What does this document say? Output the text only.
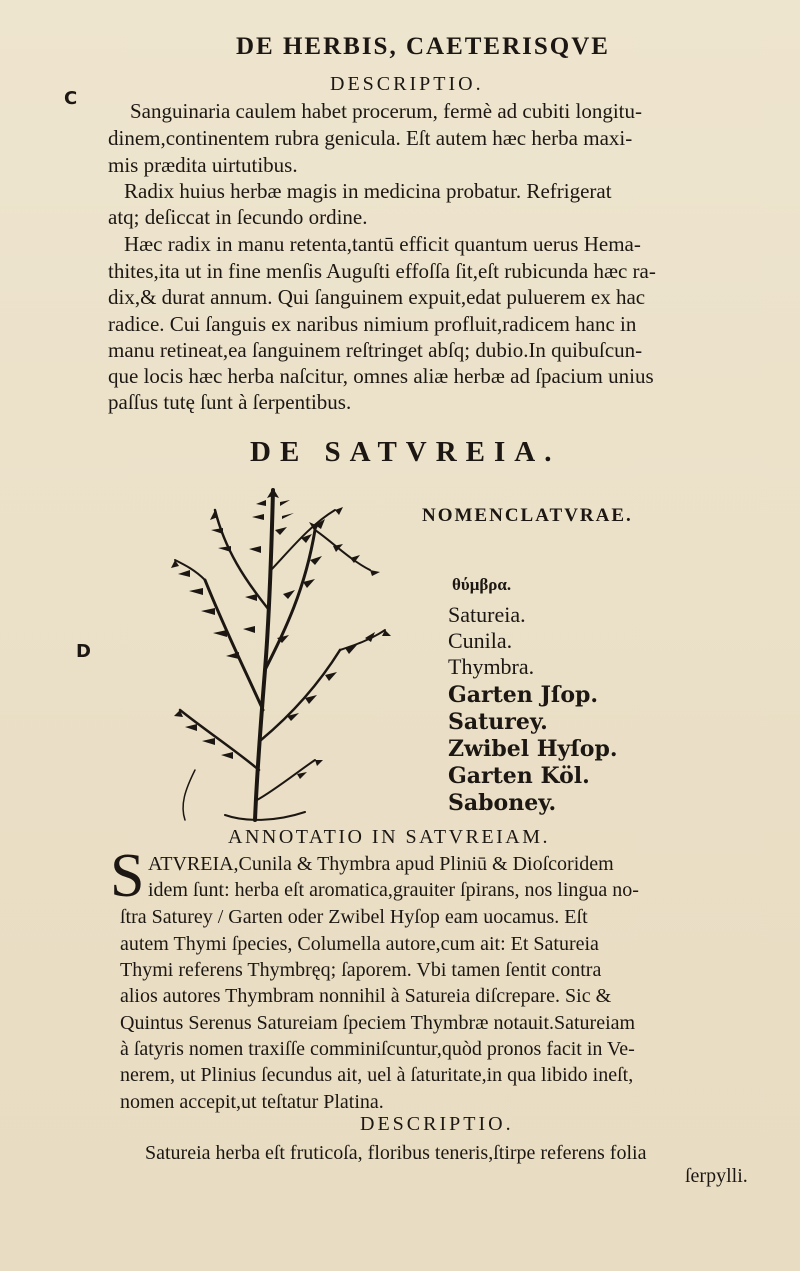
C
D
DE HERBIS, CAETERISQVE
DESCRIPTIO.
Sanguinaria caulem habet procerum, fermè ad cubiti longitu-
dinem,continentem rubra genicula. Eſt autem hæc herba maxi-
mis prædita uirtutibus.
Radix huius herbæ magis in medicina probatur. Refrigerat
atq; deſiccat in ſecundo ordine.
Hæc radix in manu retenta,tantū efficit quantum uerus Hema-
thites,ita ut in fine menſis Auguſti effoſſa ſit,eſt rubicunda hæc ra-
dix,& durat annum. Qui ſanguinem expuit,edat puluerem ex hac
radice. Cui ſanguis ex naribus nimium profluit,radicem hanc in
manu retineat,ea ſanguinem reſtringet abſq; dubio.In quibuſcun-
que locis hæc herba naſcitur, omnes aliæ herbæ ad ſpacium unius
paſſus tutę ſunt à ſerpentibus.
DE SATVREIA.
NOMENCLATVRAE.
θύμβρα.
Satureia.
Cunila.
Thymbra.
Garten Jſop.
Saturey.
Zwibel Hyſop.
Garten Köl.
Saboney.
ANNOTATIO IN SATVREIAM.
S ATVREIA,Cunila & Thymbra apud Pliniū & Dioſcoridem
idem ſunt: herba eſt aromatica,grauiter ſpirans, nos lingua no-
ſtra Saturey / Garten oder Zwibel Hyſop eam uocamus. Eſt
autem Thymi ſpecies, Columella autore,cum ait: Et Satureia
Thymi referens Thymbręq; ſaporem. Vbi tamen ſentit contra
alios autores Thymbram nonnihil à Satureia diſcrepare. Sic &
Quintus Serenus Satureiam ſpeciem Thymbræ notauit.Satureiam
à ſatyris nomen traxiſſe comminiſcuntur,quòd pronos facit in Ve-
nerem, ut Plinius ſecundus ait, uel à ſaturitate,in qua libido ineſt,
nomen accepit,ut teſtatur Platina.
DESCRIPTIO.
Satureia herba eſt fruticoſa, floribus teneris,ſtirpe referens folia
ſerpylli.
